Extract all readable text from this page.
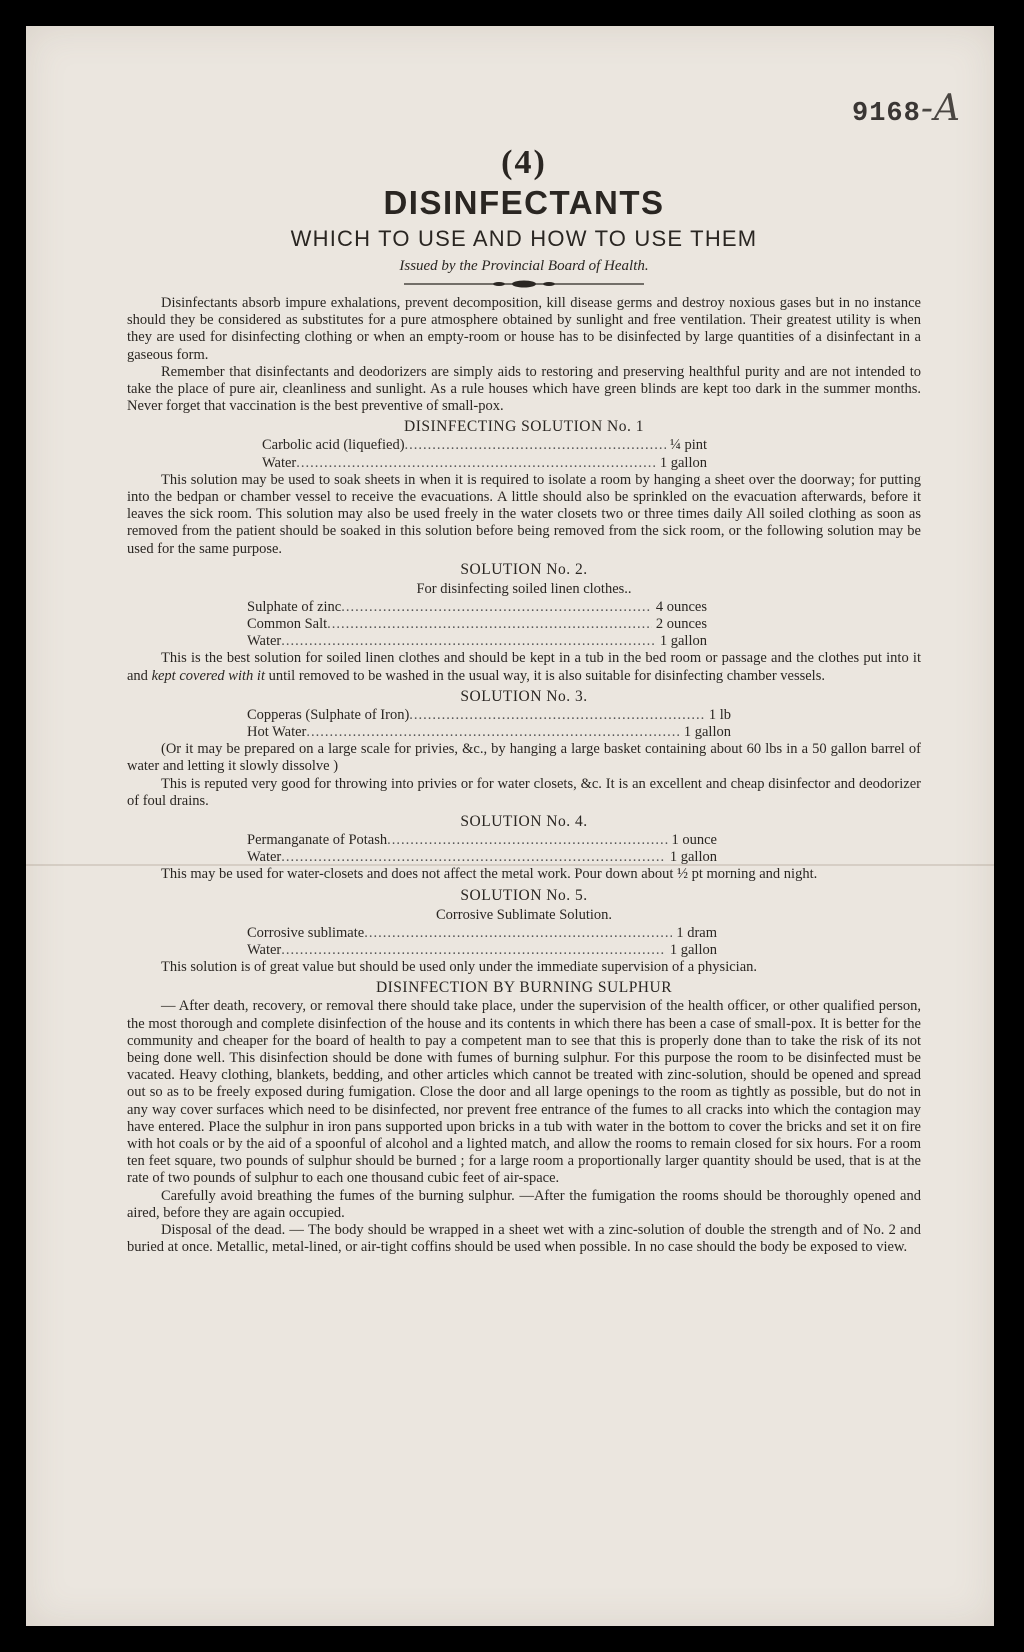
9168-A
(4)
DISINFECTANTS
WHICH TO USE AND HOW TO USE THEM
Issued by the Provincial Board of Health.

Disinfectants absorb impure exhalations, prevent decomposition, kill disease germs and destroy noxious gases but in no instance should they be considered as substitutes for a pure atmosphere obtained by sunlight and free ventilation. Their greatest utility is when they are used for disinfecting clothing or when an empty-room or house has to be disinfected by large quantities of a disinfectant in a gaseous form.

Remember that disinfectants and deodorizers are simply aids to restoring and preserving healthful purity and are not intended to take the place of pure air, cleanliness and sunlight. As a rule houses which have green blinds are kept too dark in the summer months. Never forget that vaccination is the best preventive of small-pox.

DISINFECTING SOLUTION No. 1
Carbolic acid (liquefied) .....	¼ pint
Water .....	1 gallon

This solution may be used to soak sheets in when it is required to isolate a room by hanging a sheet over the doorway; for putting into the bedpan or chamber vessel to receive the evacuations. A little should also be sprinkled on the evacuation afterwards, before it leaves the sick room. This solution may also be used freely in the water closets two or three times daily All soiled clothing as soon as removed from the patient should be soaked in this solution before being removed from the sick room, or the following solution may be used for the same purpose.

SOLUTION No. 2.
For disinfecting soiled linen clothes..
Sulphate of zinc .....	4 ounces
Common Salt .....	2 ounces
Water .....	1 gallon

This is the best solution for soiled linen clothes and should be kept in a tub in the bed room or passage and the clothes put into it and kept covered with it until removed to be washed in the usual way, it is also suitable for disinfecting chamber vessels.

SOLUTION No. 3.
Copperas (Sulphate of Iron) .....	1 lb
Hot Water .....	1 gallon

(Or it may be prepared on a large scale for privies, &c., by hanging a large basket containing about 60 lbs in a 50 gallon barrel of water and letting it slowly dissolve )

This is reputed very good for throwing into privies or for water closets, &c. It is an excellent and cheap disinfector and deodorizer of foul drains.

SOLUTION No. 4.
Permanganate of Potash .....	1 ounce
Water .....	1 gallon

This may be used for water-closets and does not affect the metal work. Pour down about ½ pt morning and night.

SOLUTION No. 5.
Corrosive Sublimate Solution.
Corrosive sublimate .....	1 dram
Water .....	1 gallon

This solution is of great value but should be used only under the immediate supervision of a physician.

DISINFECTION BY BURNING SULPHUR

— After death, recovery, or removal there should take place, under the supervision of the health officer, or other qualified person, the most thorough and complete disinfection of the house and its contents in which there has been a case of small-pox. It is better for the community and cheaper for the board of health to pay a competent man to see that this is properly done than to take the risk of its not being done well. This disinfection should be done with fumes of burning sulphur. For this purpose the room to be disinfected must be vacated. Heavy clothing, blankets, bedding, and other articles which cannot be treated with zinc-solution, should be opened and spread out so as to be freely exposed during fumigation. Close the door and all large openings to the room as tightly as possible, but do not in any way cover surfaces which need to be disinfected, nor prevent free entrance of the fumes to all cracks into which the contagion may have entered. Place the sulphur in iron pans supported upon bricks in a tub with water in the bottom to cover the bricks and set it on fire with hot coals or by the aid of a spoonful of alcohol and a lighted match, and allow the rooms to remain closed for six hours. For a room ten feet square, two pounds of sulphur should be burned ; for a large room a proportionally larger quantity should be used, that is at the rate of two pounds of sulphur to each one thousand cubic feet of air-space.

Carefully avoid breathing the fumes of the burning sulphur. —After the fumigation the rooms should be thoroughly opened and aired, before they are again occupied.

Disposal of the dead. — The body should be wrapped in a sheet wet with a zinc-solution of double the strength and of No. 2 and buried at once. Metallic, metal-lined, or air-tight coffins should be used when possible. In no case should the body be exposed to view.
